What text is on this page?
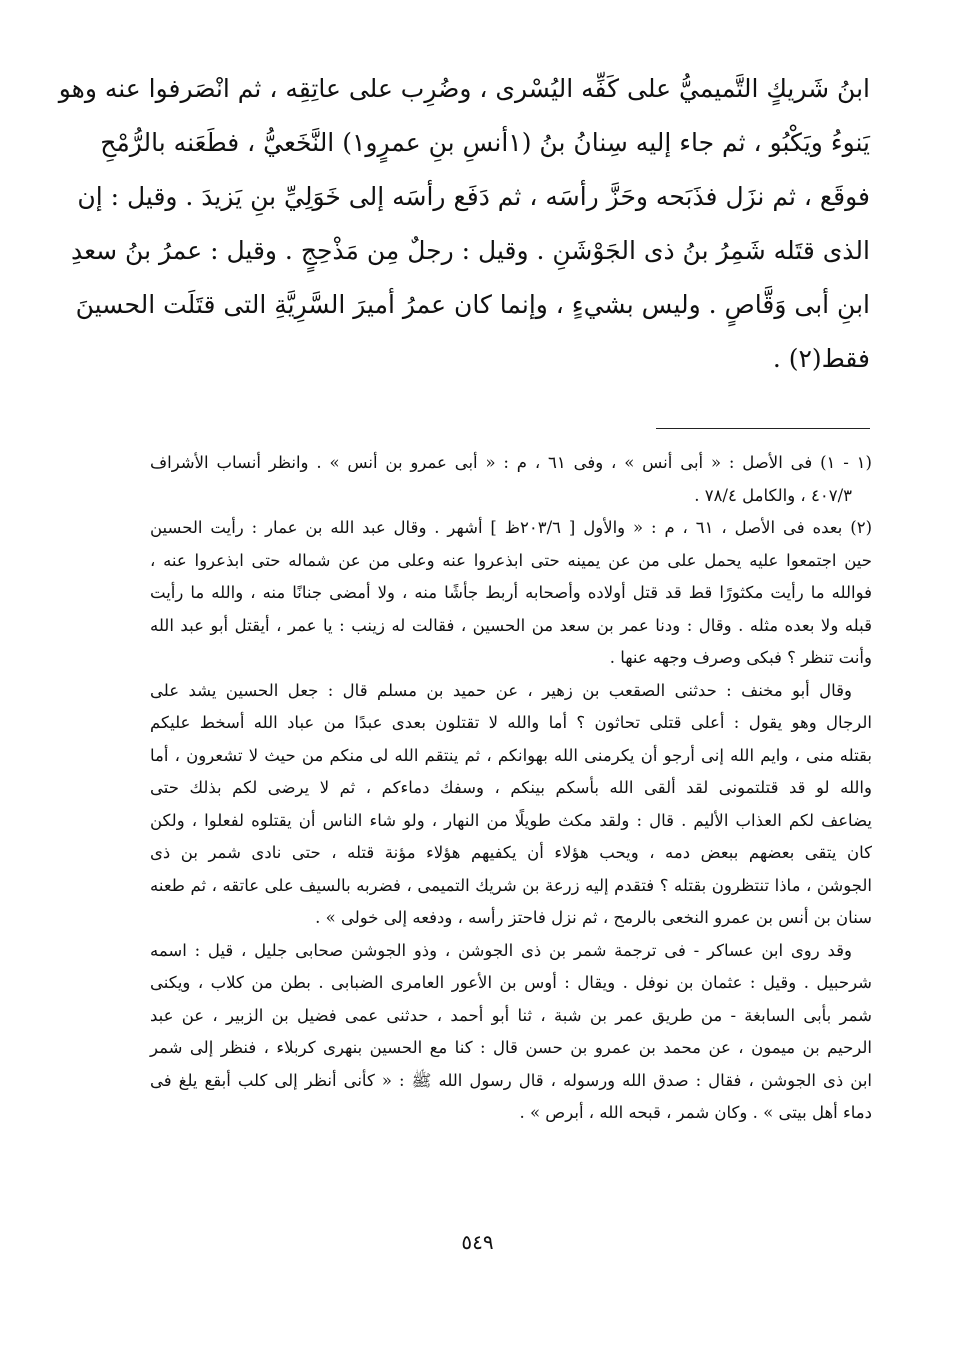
ابنُ شَريكٍ التَّميميُّ على كَفِّه اليُسْرى ، وضُرِب على عاتِقِه ، ثم انْصَرفوا عنه وهو
يَنوءُ ويَكْبُو ، ثم جاء إليه سِنانُ بنُ (١أنسِ بنِ عمرٍو١) النَّخَعيُّ ، فطَعَنه بالرُّمْحِ
فوقَع ، ثم نزَل فذَبَحه وحَزَّ رأسَه ، ثم دَفَع رأسَه إلى خَوَلِيِّ بنِ يَزيدَ . وقيل : إن
الذى قتَله شَمِرُ بنُ ذى الجَوْشَنِ . وقيل : رجلٌ مِن مَذْحِجٍ . وقيل : عمرُ بنُ سعدِ
ابنِ أبى وَقَّاصٍ . وليس بشيءٍ ، وإنما كان عمرُ أميرَ السَّرِيَّةِ التى قتَلَت الحسينَ
فقط(٢) .
(١ - ١) فى الأصل : « أبى أنس » ، وفى ٦١ ، م : « أبى عمرو بن أنس » . وانظر أنساب الأشراف
٤٠٧/٣ ، والكامل ٧٨/٤ .
(٢) بعده فى الأصل ، ٦١ ، م : « والأول [ ٢٠٣/٦ظ ] أشهر . وقال عبد الله بن عمار : رأيت الحسين
حين اجتمعوا عليه يحمل على من عن يمينه حتى ابذعروا عنه وعلى من عن شماله حتى ابذعروا عنه ،
فوالله ما رأيت مكثورًا قط قد قتل أولاده وأصحابه أربط جأشًا منه ، ولا أمضى جنانًا منه ، والله ما رأيت
قبله ولا بعده مثله . وقال : ودنا عمر بن سعد من الحسين ، فقالت له زينب : يا عمر ، أيقتل أبو عبد الله
وأنت تنظر ؟ فبكى وصرف وجهه عنها .
وقال أبو مخنف : حدثنى الصقعب بن زهير ، عن حميد بن مسلم قال : جعل الحسين يشد على
الرجال وهو يقول : أعلى قتلى تحاثون ؟ أما والله لا تقتلون بعدى عبدًا من عباد الله أسخط عليكم
بقتله منى ، وايم الله إنى أرجو أن يكرمنى الله بهوانكم ، ثم ينتقم الله لى منكم من حيث لا تشعرون ، أما
والله لو قد قتلتمونى لقد ألقى الله بأسكم بينكم ، وسفك دماءكم ، ثم لا يرضى لكم بذلك حتى
يضاعف لكم العذاب الأليم . قال : ولقد مكث طويلًا من النهار ، ولو شاء الناس أن يقتلوه لفعلوا ، ولكن
كان يتقى بعضهم ببعض دمه ، ويحب هؤلاء أن يكفيهم هؤلاء مؤنة قتله ، حتى نادى شمر بن ذى
الجوشن ، ماذا تنتظرون بقتله ؟ فتقدم إليه زرعة بن شريك التميمى ، فضربه بالسيف على عاتقه ، ثم طعنه
سنان بن أنس بن عمرو النخعى بالرمح ، ثم نزل فاحتز رأسه ، ودفعه إلى خولى » .
وقد روى ابن عساكر - فى ترجمة شمر بن ذى الجوشن ، وذو الجوشن صحابى جليل ، قيل : اسمه
شرحبيل . وقيل : عثمان بن نوفل . ويقال : أوس بن الأعور العامرى الضبابى . بطن من كلاب ، ويكنى
شمر بأبى السابغة - من طريق عمر بن شبة ، ثنا أبو أحمد ، حدثنى عمى فضيل بن الزبير ، عن عبد
الرحيم بن ميمون ، عن محمد بن عمرو بن حسن قال : كنا مع الحسين بنهرى كربلاء ، فنظر إلى شمر
ابن ذى الجوشن ، فقال : صدق الله ورسوله ، قال رسول الله ﷺ : « كأنى أنظر إلى كلب أبقع يلغ فى
دماء أهل بيتى » . وكان شمر ، قبحه الله ، أبرص » .
٥٤٩
